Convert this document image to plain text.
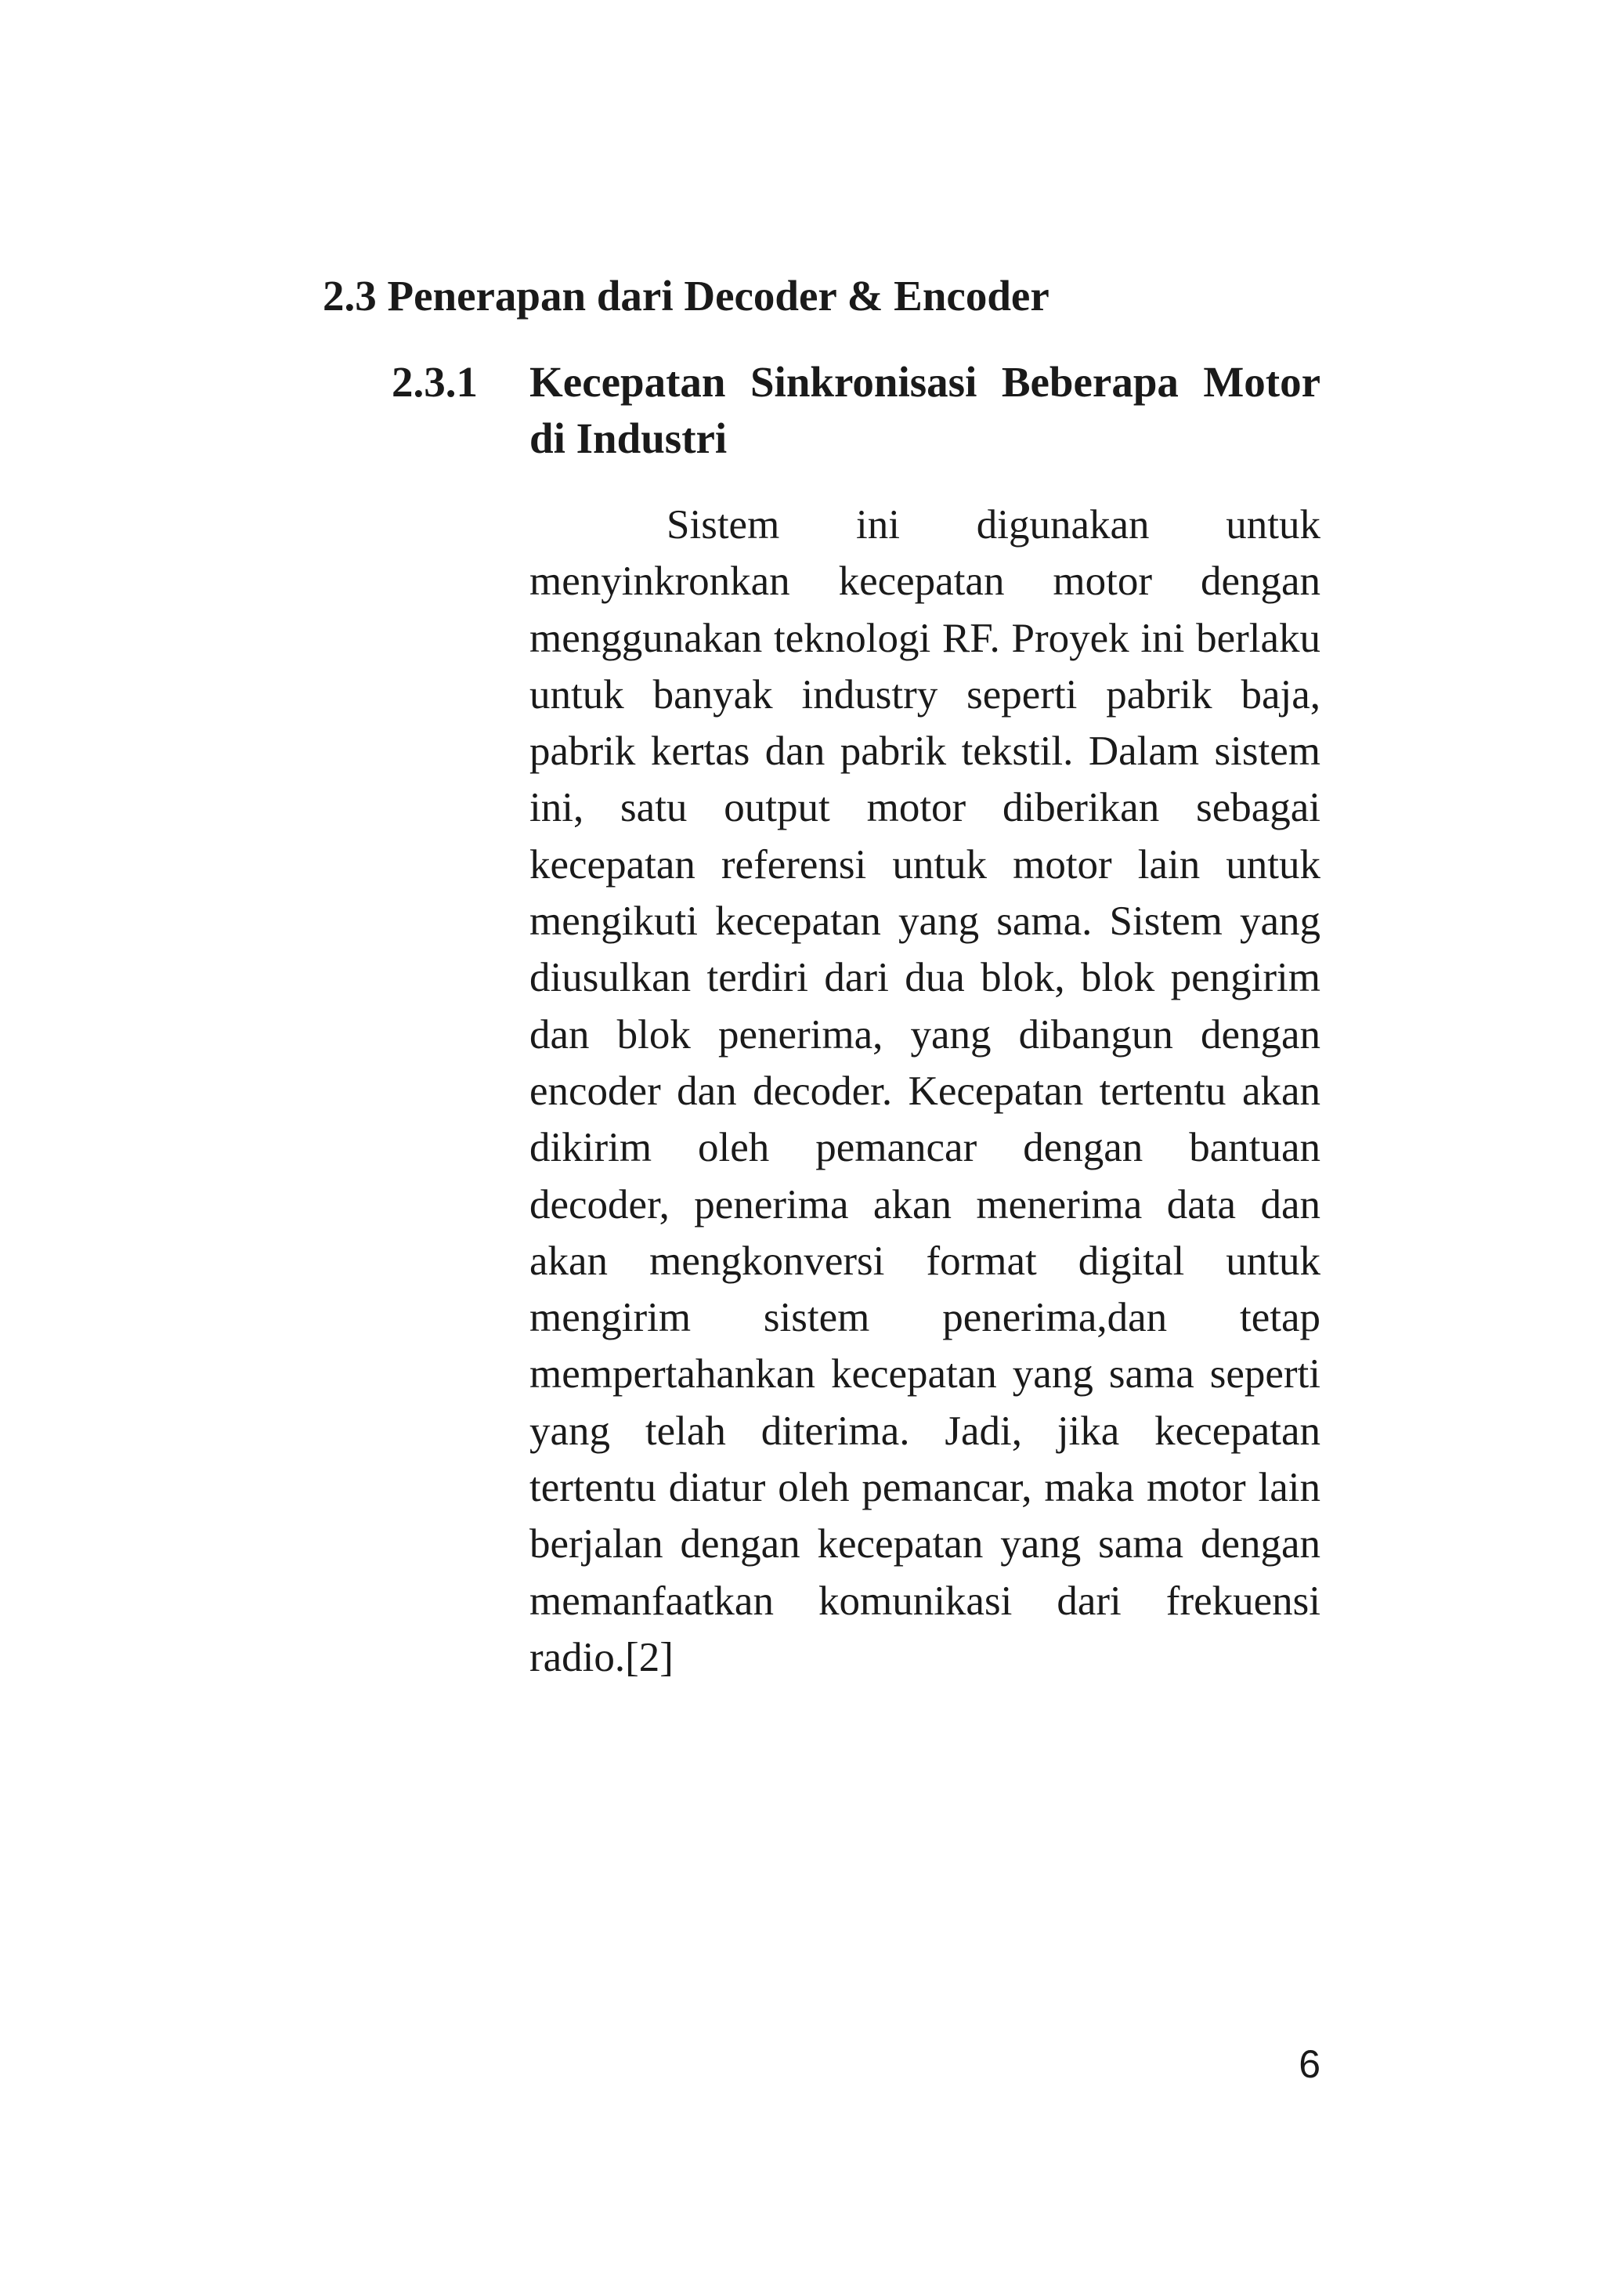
2.3 Penerapan dari Decoder & Encoder
2.3.1 Kecepatan Sinkronisasi Beberapa Motor di Industri

Sistem ini digunakan untuk menyinkronkan kecepatan motor dengan menggunakan teknologi RF. Proyek ini berlaku untuk banyak industry seperti pabrik baja, pabrik kertas dan pabrik tekstil. Dalam sistem ini, satu output motor diberikan sebagai kecepatan referensi untuk motor lain untuk mengikuti kecepatan yang sama. Sistem yang diusulkan terdiri dari dua blok, blok pengirim dan blok penerima, yang dibangun dengan encoder dan decoder. Kecepatan tertentu akan dikirim oleh pemancar dengan bantuan decoder, penerima akan menerima data dan akan mengkonversi format digital untuk mengirim sistem penerima,dan tetap mempertahankan kecepatan yang sama seperti yang telah diterima. Jadi, jika kecepatan tertentu diatur oleh pemancar, maka motor lain berjalan dengan kecepatan yang sama dengan memanfaatkan komunikasi dari frekuensi radio.[2]

6
